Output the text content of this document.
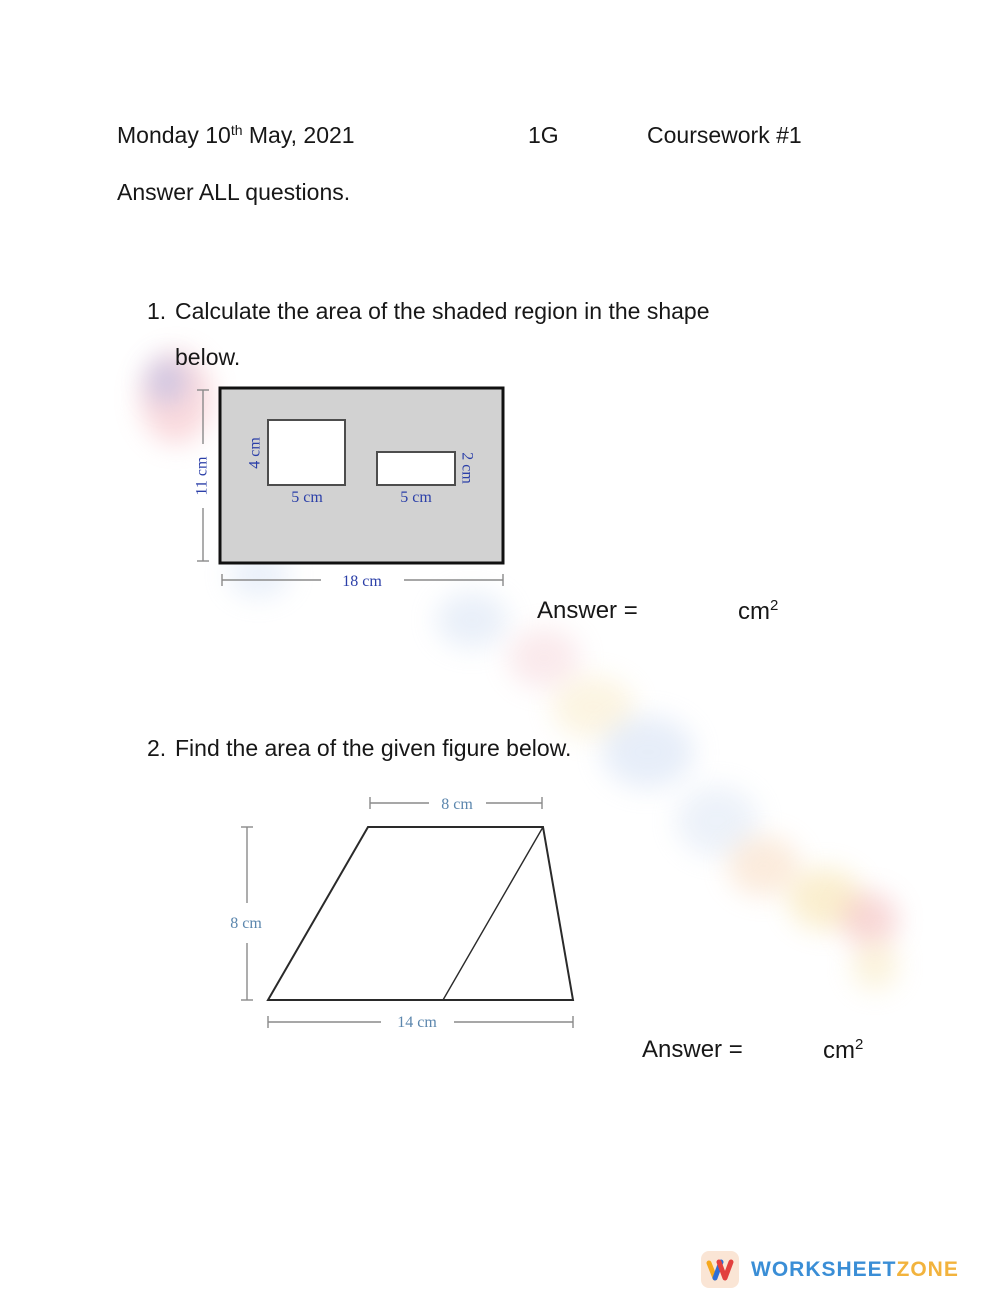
Monday 10th May, 2021	1G	Coursework #1
Answer ALL questions.
1. Calculate the area of the shaded region in the shape
below.
11 cm
4 cm
5 cm
2 cm
5 cm
18 cm
Answer =	$cm^2$
2. Find the area of the given figure below.
8 cm
8 cm
14 cm
Answer =	$cm^2$
WORKSHEETZONE
